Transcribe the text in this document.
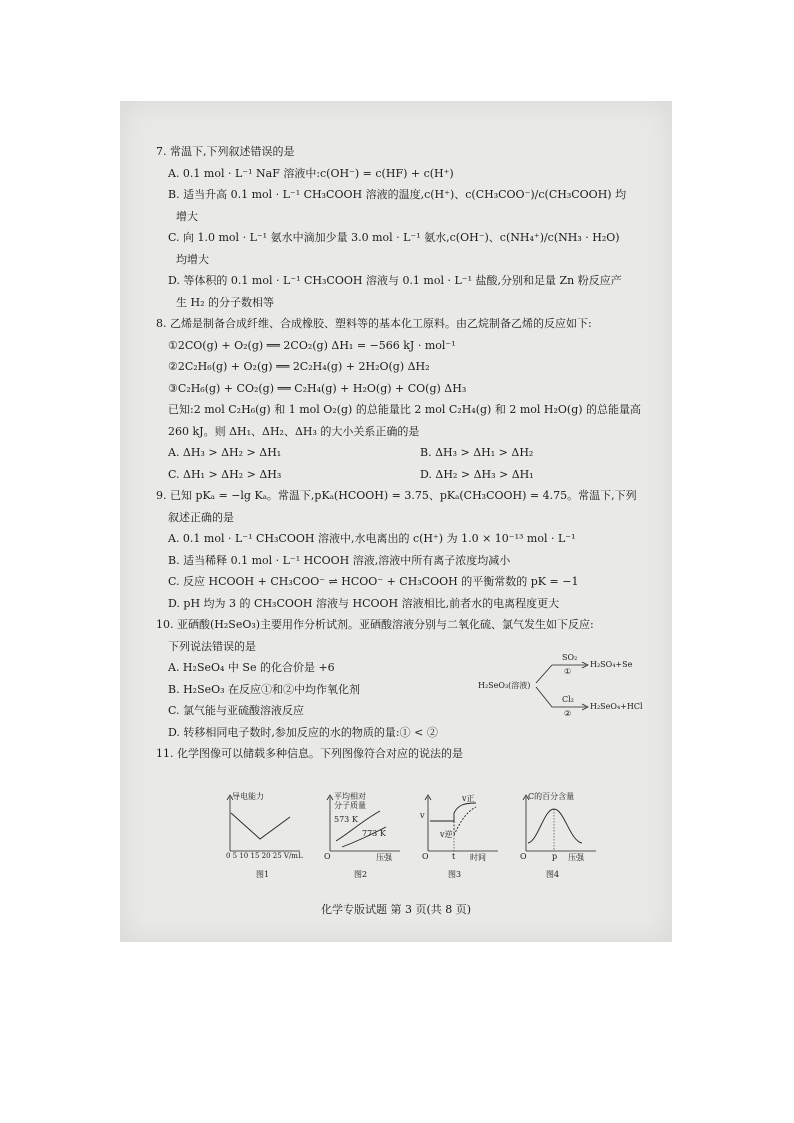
7. 常温下,下列叙述错误的是
A. 0.1 mol · L⁻¹ NaF 溶液中:c(OH⁻) = c(HF) + c(H⁺)
B. 适当升高 0.1 mol · L⁻¹ CH₃COOH 溶液的温度,c(H⁺)、c(CH₃COO⁻)/c(CH₃COOH) 均
增大
C. 向 1.0 mol · L⁻¹ 氨水中滴加少量 3.0 mol · L⁻¹ 氨水,c(OH⁻)、c(NH₄⁺)/c(NH₃ · H₂O)
均增大
D. 等体积的 0.1 mol · L⁻¹ CH₃COOH 溶液与 0.1 mol · L⁻¹ 盐酸,分别和足量 Zn 粉反应产
生 H₂ 的分子数相等
8. 乙烯是制备合成纤维、合成橡胶、塑料等的基本化工原料。由乙烷制备乙烯的反应如下:
①2CO(g) + O₂(g) ══ 2CO₂(g) ΔH₁ = −566 kJ · mol⁻¹
②2C₂H₆(g) + O₂(g) ══ 2C₂H₄(g) + 2H₂O(g) ΔH₂
③C₂H₆(g) + CO₂(g) ══ C₂H₄(g) + H₂O(g) + CO(g) ΔH₃
已知:2 mol C₂H₆(g) 和 1 mol O₂(g) 的总能量比 2 mol C₂H₄(g) 和 2 mol H₂O(g) 的总能量高
260 kJ。则 ΔH₁、ΔH₂、ΔH₃ 的大小关系正确的是
A. ΔH₃ > ΔH₂ > ΔH₁	B. ΔH₃ > ΔH₁ > ΔH₂
C. ΔH₁ > ΔH₂ > ΔH₃	D. ΔH₂ > ΔH₃ > ΔH₁
9. 已知 pKₐ = −lg Kₐ。常温下,pKₐ(HCOOH) = 3.75、pKₐ(CH₃COOH) = 4.75。常温下,下列
叙述正确的是
A. 0.1 mol · L⁻¹ CH₃COOH 溶液中,水电离出的 c(H⁺) 为 1.0 × 10⁻¹³ mol · L⁻¹
B. 适当稀释 0.1 mol · L⁻¹ HCOOH 溶液,溶液中所有离子浓度均减小
C. 反应 HCOOH + CH₃COO⁻ ⇌ HCOO⁻ + CH₃COOH 的平衡常数的 pK = −1
D. pH 均为 3 的 CH₃COOH 溶液与 HCOOH 溶液相比,前者水的电离程度更大
10. 亚硒酸(H₂SeO₃)主要用作分析试剂。亚硒酸溶液分别与二氧化硫、氯气发生如下反应:
下列说法错误的是
A. H₂SeO₄ 中 Se 的化合价是 +6
B. H₂SeO₃ 在反应①和②中均作氧化剂
C. 氯气能与亚硫酸溶液反应
D. 转移相同电子数时,参加反应的水的物质的量:① < ②
11. 化学图像可以储载多种信息。下列图像符合对应的说法的是
H₂SeO₃(溶液)
SO₂
①
H₂SO₄+Se
Cl₂
②
H₂SeO₄+HCl
导电能力
0 5 10 15 20 25 V/mL
图1
平均相对
分子质量
573 K
773 K
O	压强
图2
v
v正
v逆
O	t 时间
图3
C的百分含量
O	p 压强
图4
化学专版试题 第 3 页(共 8 页)
